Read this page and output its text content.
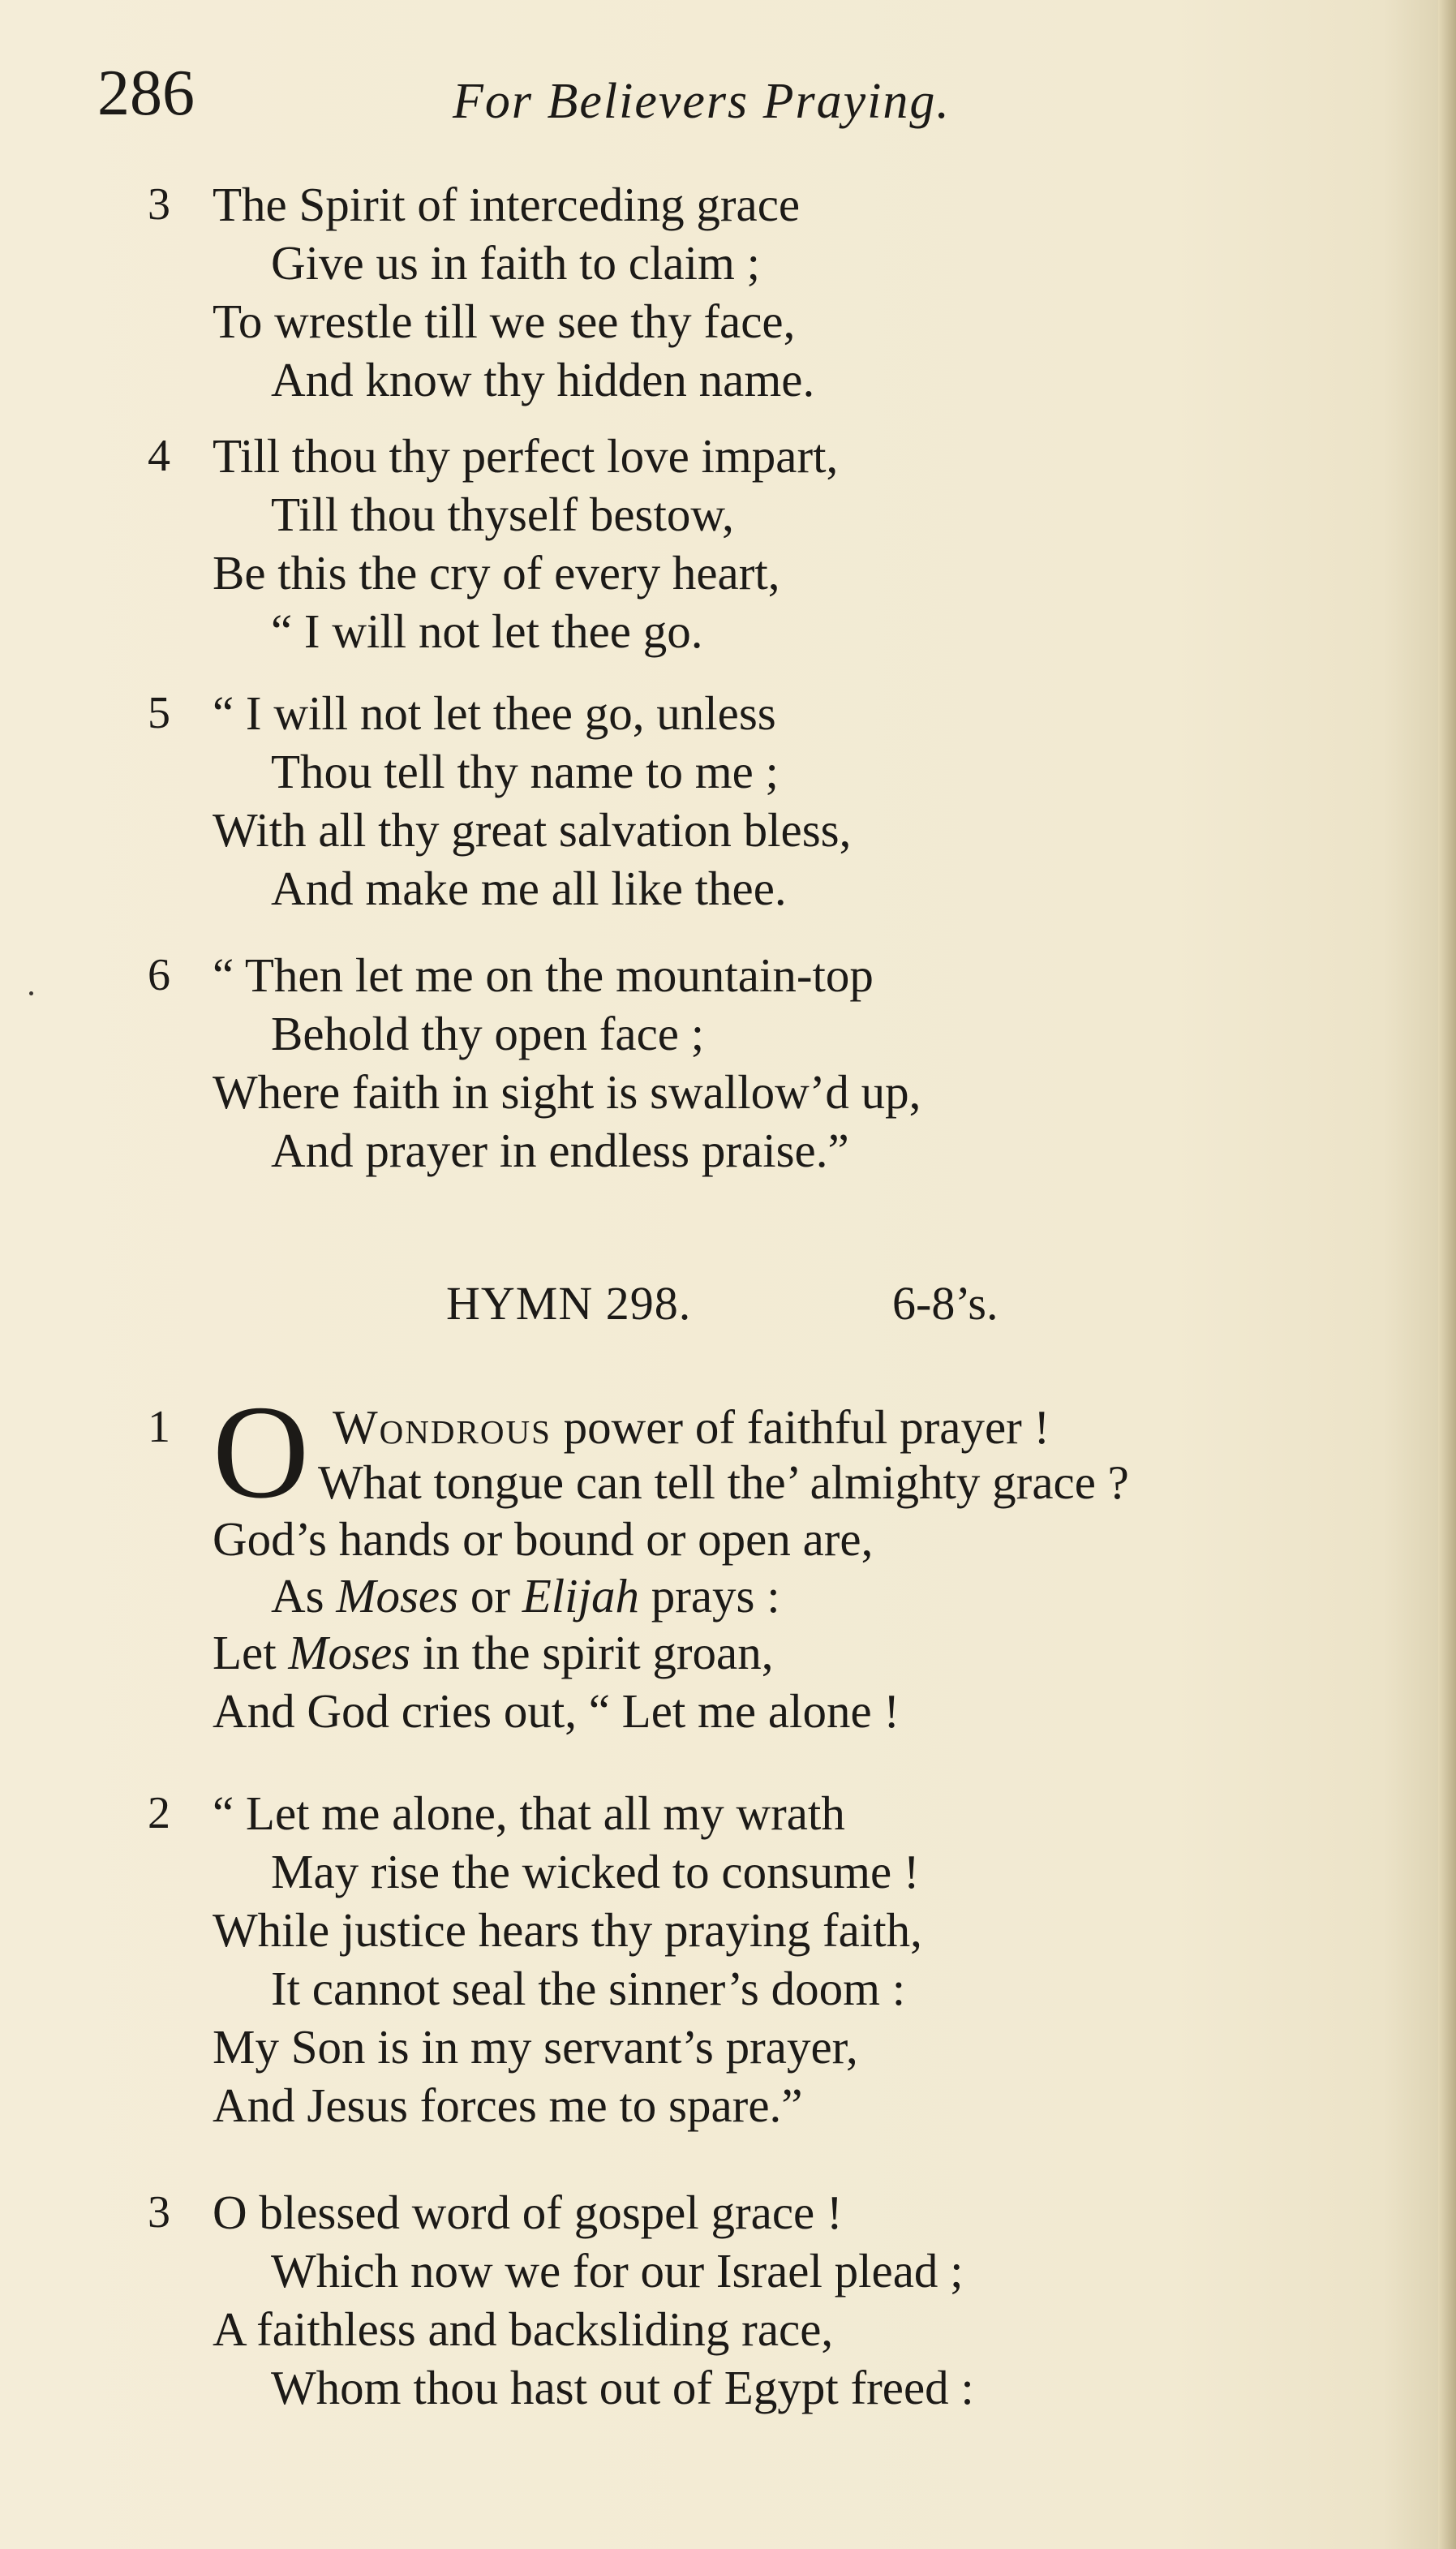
286	For Believers Praying.
3 The Spirit of interceding grace
Give us in faith to claim ;
To wrestle till we see thy face,
And know thy hidden name.
4 Till thou thy perfect love impart,
Till thou thyself bestow,
Be this the cry of every heart,
“ I will not let thee go.
5 “ I will not let thee go, unless
Thou tell thy name to me ;
With all thy great salvation bless,
And make me all like thee.
6 “ Then let me on the mountain-top
Behold thy open face ;
Where faith in sight is swallow’d up,
And prayer in endless praise.”
HYMN 298.	6-8’s.
1 O Wondrous power of faithful prayer !
What tongue can tell the’ almighty grace ?
God’s hands or bound or open are,
As Moses or Elijah prays :
Let Moses in the spirit groan,
And God cries out, “ Let me alone !
2 “ Let me alone, that all my wrath
May rise the wicked to consume !
While justice hears thy praying faith,
It cannot seal the sinner’s doom :
My Son is in my servant’s prayer,
And Jesus forces me to spare.”
3 O blessed word of gospel grace !
Which now we for our Israel plead ;
A faithless and backsliding race,
Whom thou hast out of Egypt freed :
